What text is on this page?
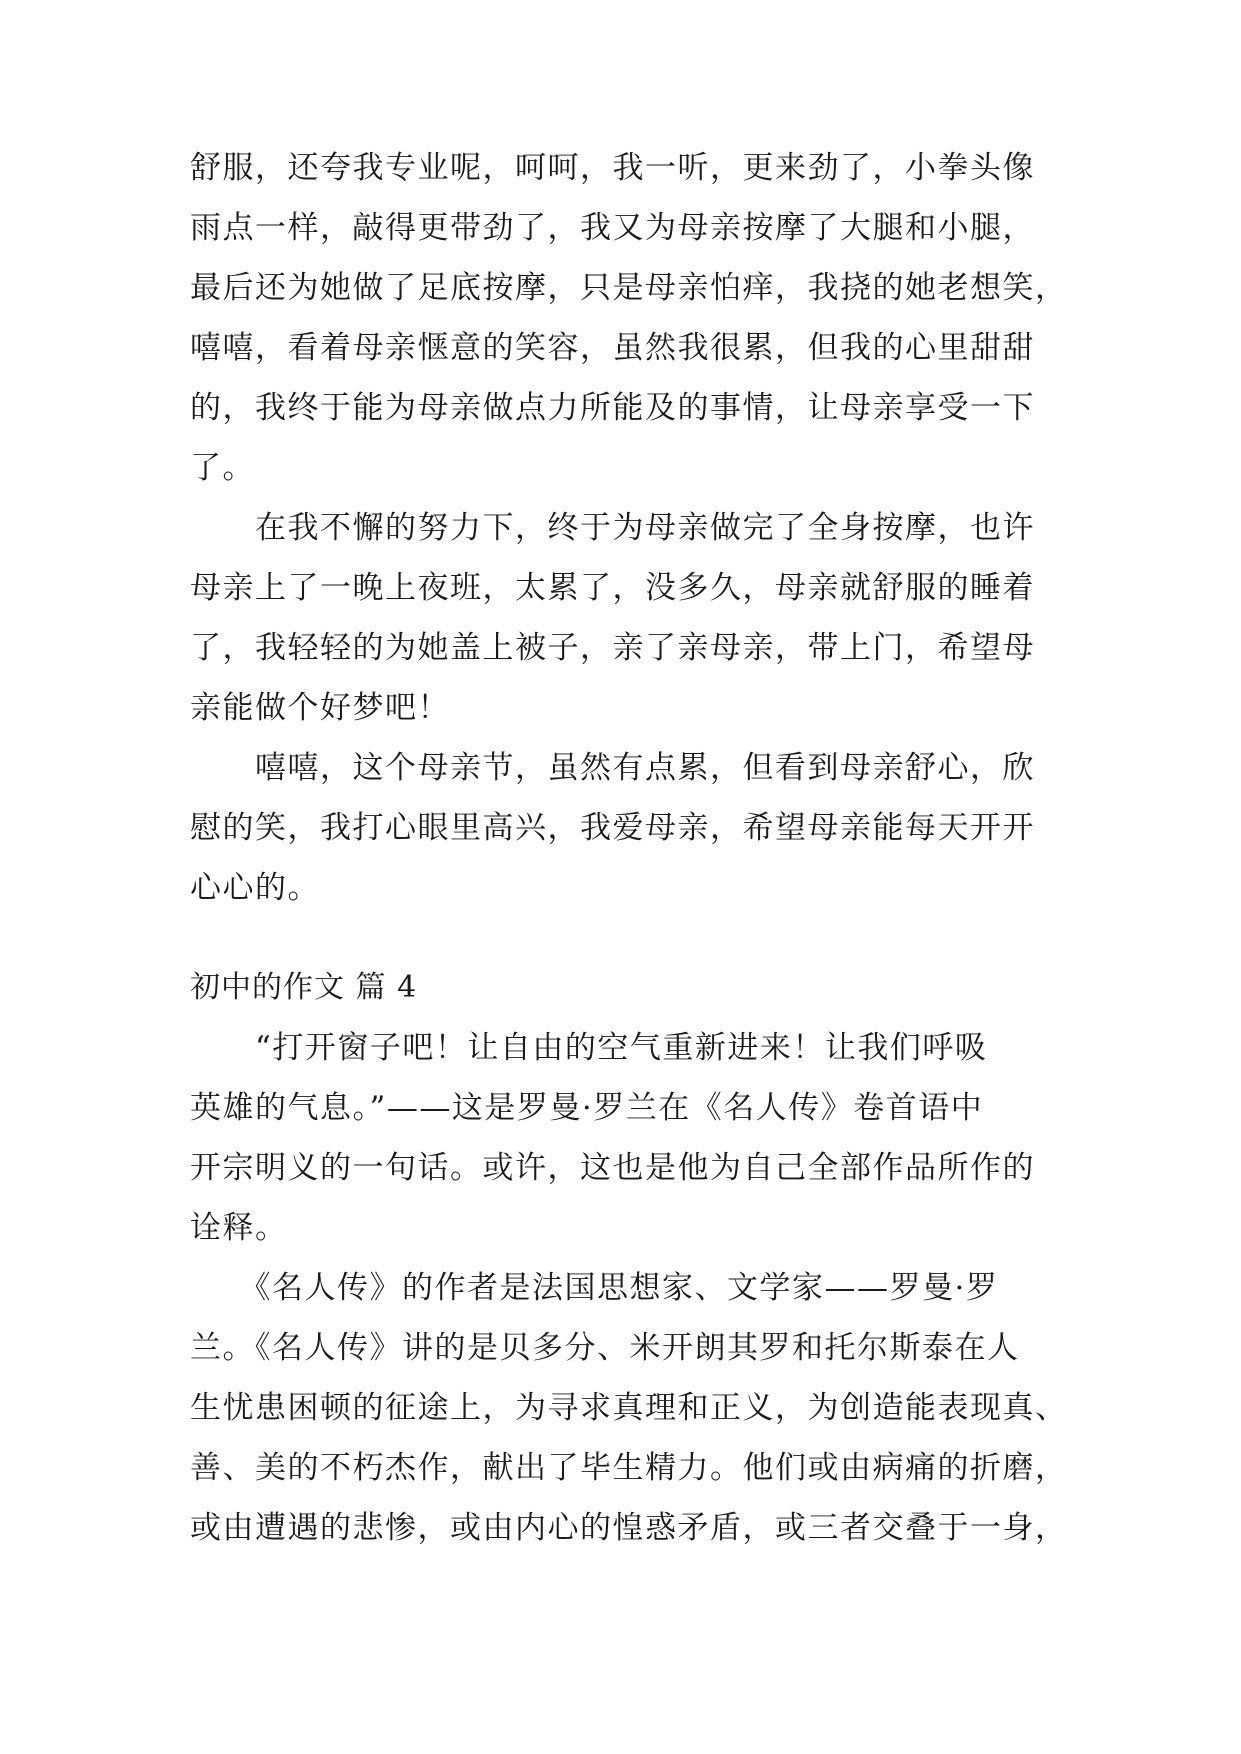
舒服，还夸我专业呢，呵呵，我一听，更来劲了，小拳头像
雨点一样，敲得更带劲了，我又为母亲按摩了大腿和小腿，
最后还为她做了足底按摩，只是母亲怕痒，我挠的她老想笑，
嘻嘻，看着母亲惬意的笑容，虽然我很累，但我的心里甜甜
的，我终于能为母亲做点力所能及的事情，让母亲享受一下
了。

　　在我不懈的努力下，终于为母亲做完了全身按摩，也许
母亲上了一晚上夜班，太累了，没多久，母亲就舒服的睡着
了，我轻轻的为她盖上被子，亲了亲母亲，带上门，希望母
亲能做个好梦吧！

　　嘻嘻，这个母亲节，虽然有点累，但看到母亲舒心，欣
慰的笑，我打心眼里高兴，我爱母亲，希望母亲能每天开开
心心的。

初中的作文 篇 4

　　“打开窗子吧！让自由的空气重新进来！让我们呼吸
英雄的气息。”——这是罗曼·罗兰在《名人传》卷首语中
开宗明义的一句话。或许，这也是他为自己全部作品所作的
诠释。

　　《名人传》的作者是法国思想家、文学家——罗曼·罗
兰。《名人传》讲的是贝多分、米开朗其罗和托尔斯泰在人
生忧患困顿的征途上，为寻求真理和正义，为创造能表现真、
善、美的不朽杰作，献出了毕生精力。他们或由病痛的折磨，
或由遭遇的悲惨，或由内心的惶惑矛盾，或三者交叠于一身，
